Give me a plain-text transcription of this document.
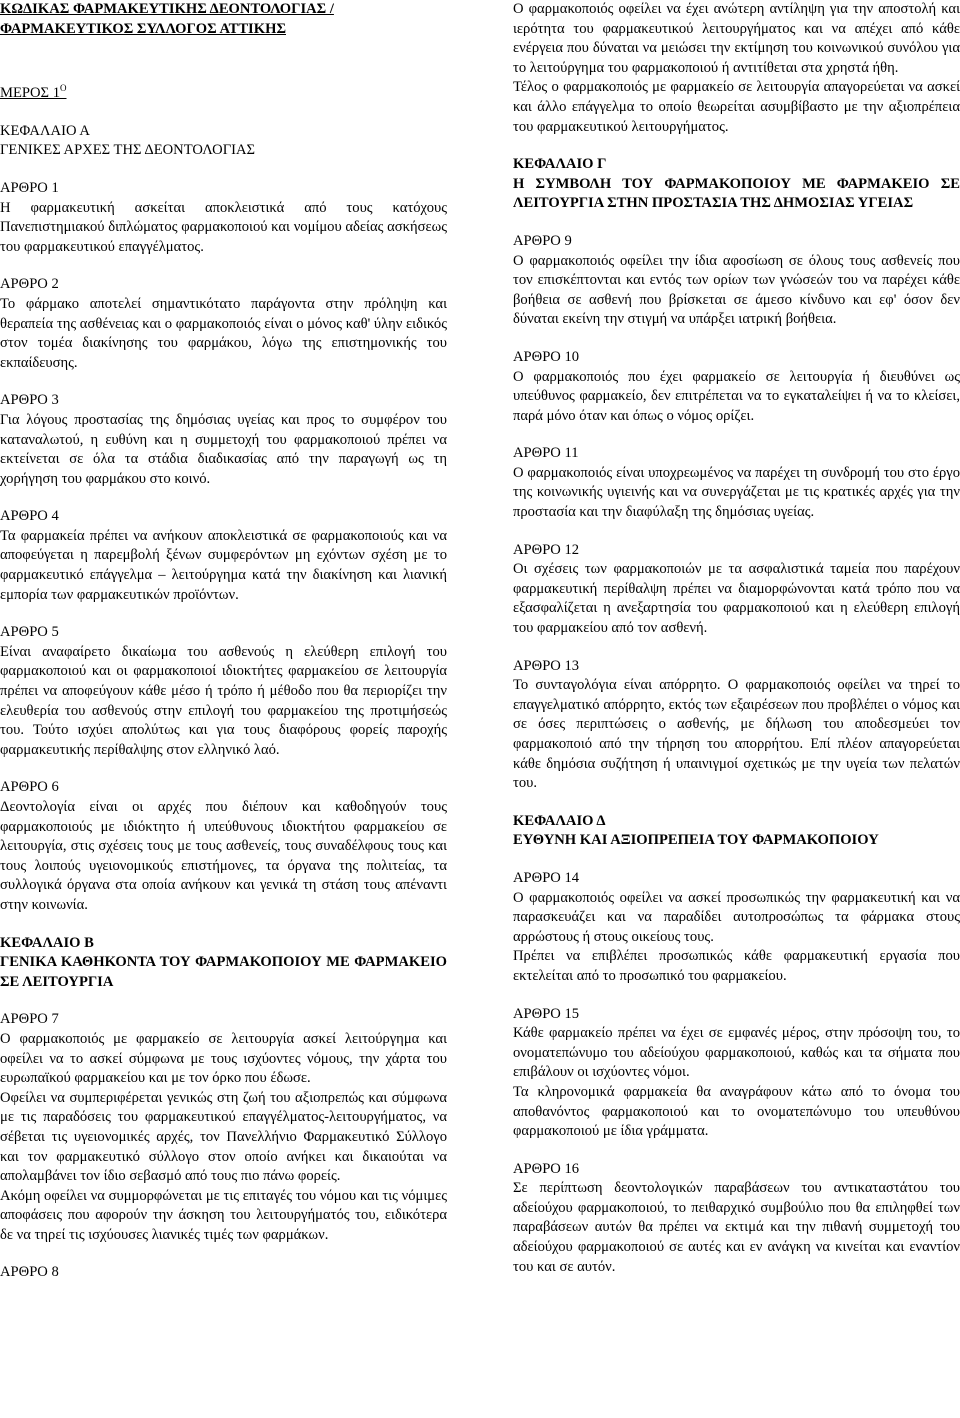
ΚΩΔΙΚΑΣ ΦΑΡΜΑΚΕΥΤΙΚΗΣ ΔΕΟΝΤΟΛΟΓΙΑΣ /
ΦΑΡΜΑΚΕΥΤΙΚΟΣ ΣΥΛΛΟΓΟΣ ΑΤΤΙΚΗΣ
ΜΕΡΟΣ $1^O$
ΚΕΦΑΛΑΙΟ Α
ΓΕΝΙΚΕΣ ΑΡΧΕΣ ΤΗΣ ΔΕΟΝΤΟΛΟΓΙΑΣ
ΑΡΘΡΟ 1

Η φαρμακευτική ασκείται αποκλειστικά από τους κατόχους Πανεπιστημιακού διπλώματος φαρμακοποιού και νομίμου αδείας ασκήσεως του φαρμακευτικού επαγγέλματος.

ΑΡΘΡΟ 2

Το φάρμακο αποτελεί σημαντικότατο παράγοντα στην πρόληψη και θεραπεία της ασθένειας και ο φαρμακοποιός είναι ο μόνος καθ' ύλην ειδικός στον τομέα διακίνησης του φαρμάκου, λόγω της επιστημονικής του εκπαίδευσης.

ΑΡΘΡΟ 3

Για λόγους προστασίας της δημόσιας υγείας και προς το συμφέρον του καταναλωτού, η ευθύνη και η συμμετοχή του φαρμακοποιού πρέπει να εκτείνεται σε όλα τα στάδια διαδικασίας από την παραγωγή ως τη χορήγηση του φαρμάκου στο κοινό.

ΑΡΘΡΟ 4

Τα φαρμακεία πρέπει να ανήκουν αποκλειστικά σε φαρμακοποιούς και να αποφεύγεται η παρεμβολή ξένων συμφερόντων μη εχόντων σχέση με το φαρμακευτικό επάγγελμα – λειτούργημα κατά την διακίνηση και λιανική εμπορία των φαρμακευτικών προϊόντων.

ΑΡΘΡΟ 5

Είναι αναφαίρετο δικαίωμα του ασθενούς η ελεύθερη επιλογή του φαρμακοποιού και οι φαρμακοποιοί ιδιοκτήτες φαρμακείου σε λειτουργία πρέπει να αποφεύγουν κάθε μέσο ή τρόπο ή μέθοδο που θα περιορίζει την ελευθερία του ασθενούς στην επιλογή του φαρμακείου της προτιμήσεώς του. Τούτο ισχύει απολύτως και για τους διαφόρους φορείς παροχής φαρμακευτικής περίθαλψης στον ελληνικό λαό.

ΑΡΘΡΟ 6

Δεοντολογία είναι οι αρχές που διέπουν και καθοδηγούν τους φαρμακοποιούς με ιδιόκτητο ή υπεύθυνους ιδιοκτήτου φαρμακείου σε λειτουργία, στις σχέσεις τους με τους ασθενείς, τους συναδέλφους τους και τους λοιπούς υγειονομικούς επιστήμονες, τα όργανα της πολιτείας, τα συλλογικά όργανα στα οποία ανήκουν και γενικά τη στάση τους απέναντι στην κοινωνία.

ΚΕΦΑΛΑΙΟ Β

ΓΕΝΙΚΑ ΚΑΘΗΚΟΝΤΑ ΤΟΥ ΦΑΡΜΑΚΟΠΟΙΟΥ ΜΕ ΦΑΡΜΑΚΕΙΟ ΣΕ ΛΕΙΤΟΥΡΓΙΑ

ΑΡΘΡΟ 7

Ο φαρμακοποιός με φαρμακείο σε λειτουργία ασκεί λειτούργημα και οφείλει να το ασκεί σύμφωνα με τους ισχύοντες νόμους, την χάρτα του ευρωπαϊκού φαρμακείου και με τον όρκο που έδωσε.

Οφείλει να συμπεριφέρεται γενικώς στη ζωή του αξιοπρεπώς και σύμφωνα με τις παραδόσεις του φαρμακευτικού επαγγέλματος-λειτουργήματος, να σέβεται τις υγειονομικές αρχές, τον Πανελλήνιο Φαρμακευτικό Σύλλογο και τον φαρμακευτικό σύλλογο στον οποίο ανήκει και δικαιούται να απολαμβάνει τον ίδιο σεβασμό από τους πιο πάνω φορείς.

Ακόμη οφείλει να συμμορφώνεται με τις επιταγές του νόμου και τις νόμιμες αποφάσεις που αφορούν την άσκηση του λειτουργήματός του, ειδικότερα δε να τηρεί τις ισχύουσες λιανικές τιμές των φαρμάκων.

ΑΡΘΡΟ 8

Ο φαρμακοποιός οφείλει να έχει ανώτερη αντίληψη για την αποστολή και ιερότητα του φαρμακευτικού λειτουργήματος και να απέχει από κάθε ενέργεια που δύναται να μειώσει την εκτίμηση του κοινωνικού συνόλου για το λειτούργημα του φαρμακοποιού ή αντιτίθεται στα χρηστά ήθη.

Τέλος ο φαρμακοποιός με φαρμακείο σε λειτουργία απαγορεύεται να ασκεί και άλλο επάγγελμα το οποίο θεωρείται ασυμβίβαστο με την αξιοπρέπεια του φαρμακευτικού λειτουργήματος.

ΚΕΦΑΛΑΙΟ Γ

Η ΣΥΜΒΟΛΗ ΤΟΥ ΦΑΡΜΑΚΟΠΟΙΟΥ ΜΕ ΦΑΡΜΑΚΕΙΟ ΣΕ ΛΕΙΤΟΥΡΓΙΑ ΣΤΗΝ ΠΡΟΣΤΑΣΙΑ ΤΗΣ ΔΗΜΟΣΙΑΣ ΥΓΕΙΑΣ

ΑΡΘΡΟ 9

Ο φαρμακοποιός οφείλει την ίδια αφοσίωση σε όλους τους ασθενείς που τον επισκέπτονται και εντός των ορίων των γνώσεών του να παρέχει κάθε βοήθεια σε ασθενή που βρίσκεται σε άμεσο κίνδυνο και εφ' όσον δεν δύναται εκείνη την στιγμή να υπάρξει ιατρική βοήθεια.

ΑΡΘΡΟ 10

Ο φαρμακοποιός που έχει φαρμακείο σε λειτουργία ή διευθύνει ως υπεύθυνος φαρμακείο, δεν επιτρέπεται να το εγκαταλείψει ή να το κλείσει, παρά μόνο όταν και όπως ο νόμος ορίζει.

ΑΡΘΡΟ 11

Ο φαρμακοποιός είναι υποχρεωμένος να παρέχει τη συνδρομή του στο έργο της κοινωνικής υγιεινής και να συνεργάζεται με τις κρατικές αρχές για την προστασία και την διαφύλαξη της δημόσιας υγείας.

ΑΡΘΡΟ 12

Οι σχέσεις των φαρμακοποιών με τα ασφαλιστικά ταμεία που παρέχουν φαρμακευτική περίθαλψη πρέπει να διαμορφώνονται κατά τρόπο που να εξασφαλίζεται η ανεξαρτησία του φαρμακοποιού και η ελεύθερη επιλογή του φαρμακείου από τον ασθενή.

ΑΡΘΡΟ 13

Το συνταγολόγια είναι απόρρητο. Ο φαρμακοποιός οφείλει να τηρεί το επαγγελματικό απόρρητο, εκτός των εξαιρέσεων που προβλέπει ο νόμος και σε όσες περιπτώσεις ο ασθενής, με δήλωση του αποδεσμεύει τον φαρμακοποιό από την τήρηση του απορρήτου. Επί πλέον απαγορεύεται κάθε δημόσια συζήτηση ή υπαινιγμοί σχετικώς με την υγεία των πελατών του.

ΚΕΦΑΛΑΙΟ Δ

ΕΥΘΥΝΗ ΚΑΙ ΑΞΙΟΠΡΕΠΕΙΑ ΤΟΥ ΦΑΡΜΑΚΟΠΟΙΟΥ

ΑΡΘΡΟ 14

Ο φαρμακοποιός οφείλει να ασκεί προσωπικώς την φαρμακευτική και να παρασκευάζει και να παραδίδει αυτοπροσώπως τα φάρμακα στους αρρώστους ή στους οικείους τους.

Πρέπει να επιβλέπει προσωπικώς κάθε φαρμακευτική εργασία που εκτελείται από το προσωπικό του φαρμακείου.

ΑΡΘΡΟ 15

Κάθε φαρμακείο πρέπει να έχει σε εμφανές μέρος, στην πρόσοψη του, το ονοματεπώνυμο του αδείούχου φαρμακοποιού, καθώς και τα σήματα που επιβάλουν οι ισχύοντες νόμοι.

Τα κληρονομικά φαρμακεία θα αναγράφουν κάτω από το όνομα του αποθανόντος φαρμακοποιού και το ονοματεπώνυμο του υπευθύνου φαρμακοποιού με ίδια γράμματα.

ΑΡΘΡΟ 16

Σε περίπτωση δεοντολογικών παραβάσεων του αντικαταστάτου του αδείούχου φαρμακοποιού, το πειθαρχικό συμβούλιο που θα επιληφθεί των παραβάσεων αυτών θα πρέπει να εκτιμά και την πιθανή συμμετοχή του αδείούχου φαρμακοποιού σε αυτές και εν ανάγκη να κινείται και εναντίον του και σε αυτόν.
